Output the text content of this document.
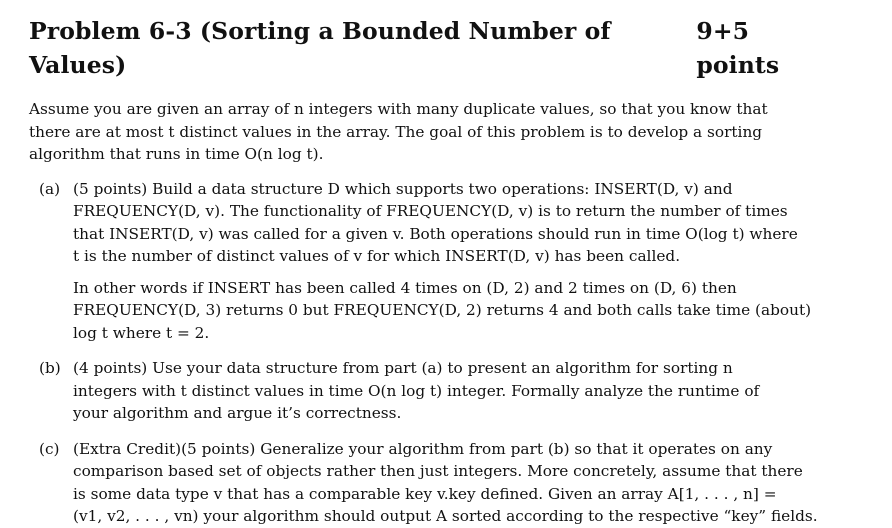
Problem 6-3 (Sorting a Bounded Number of Values)
9+5 points
Assume you are given an array of n integers with many duplicate values, so that you know that
there are at most t distinct values in the array. The goal of this problem is to develop a sorting
algorithm that runs in time O(n log t).
(a) (5 points) Build a data structure D which supports two operations: INSERT(D, v) and
FREQUENCY(D, v). The functionality of FREQUENCY(D, v) is to return the number of times
that INSERT(D, v) was called for a given v. Both operations should run in time O(log t) where
t is the number of distinct values of v for which INSERT(D, v) has been called.

In other words if INSERT has been called 4 times on (D, 2) and 2 times on (D, 6) then
FREQUENCY(D, 3) returns 0 but FREQUENCY(D, 2) returns 4 and both calls take time (about)
log t where t = 2.

(b) (4 points) Use your data structure from part (a) to present an algorithm for sorting n
integers with t distinct values in time O(n log t) integer. Formally analyze the runtime of
your algorithm and argue it’s correctness.

(c) (Extra Credit)(5 points) Generalize your algorithm from part (b) so that it operates on any
comparison based set of objects rather then just integers. More concretely, assume that there
is some data type v that has a comparable key v.key defined. Given an array A[1, . . . , n] =
(v1, v2, . . . , vn) your algorithm should output A sorted according to the respective “key” fields.
